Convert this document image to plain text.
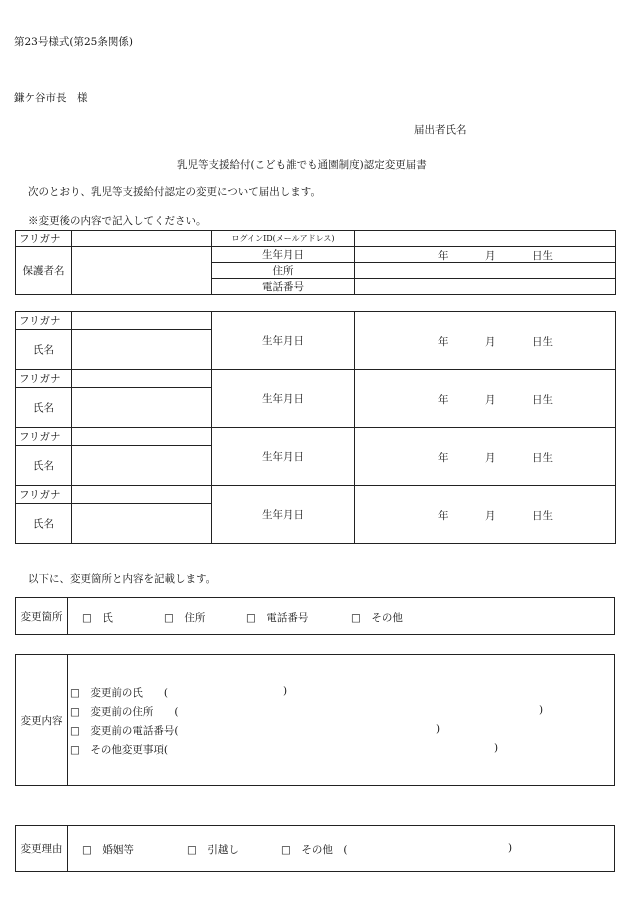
第23号様式(第25条関係)
鎌ケ谷市長　様
届出者氏名
乳児等支援給付(こども誰でも通園制度)認定変更届書
次のとおり、乳児等支援給付認定の変更について届出します。
※変更後の内容で記入してください。
フリガナ		ログインID(メールアドレス)	
保護者名		生年月日	年 月 日生

		住所	
		電話番号	
フリガナ		生年月日	年 月 日生

氏名			
フリガナ		生年月日	年 月 日生

氏名			
フリガナ		生年月日	年 月 日生

氏名			
フリガナ		生年月日	年 月 日生

氏名			
以下に、変更箇所と内容を記載します。
変更箇所	□　氏	□　住所	□　電話番号	□　その他
変更内容
□　変更前の氏　　(	)
□　変更前の住所　　(	)
□　変更前の電話番号(	)
□　その他変更事項(	)
変更理由	□　婚姻等	□　引越し	□　その他　(	)
